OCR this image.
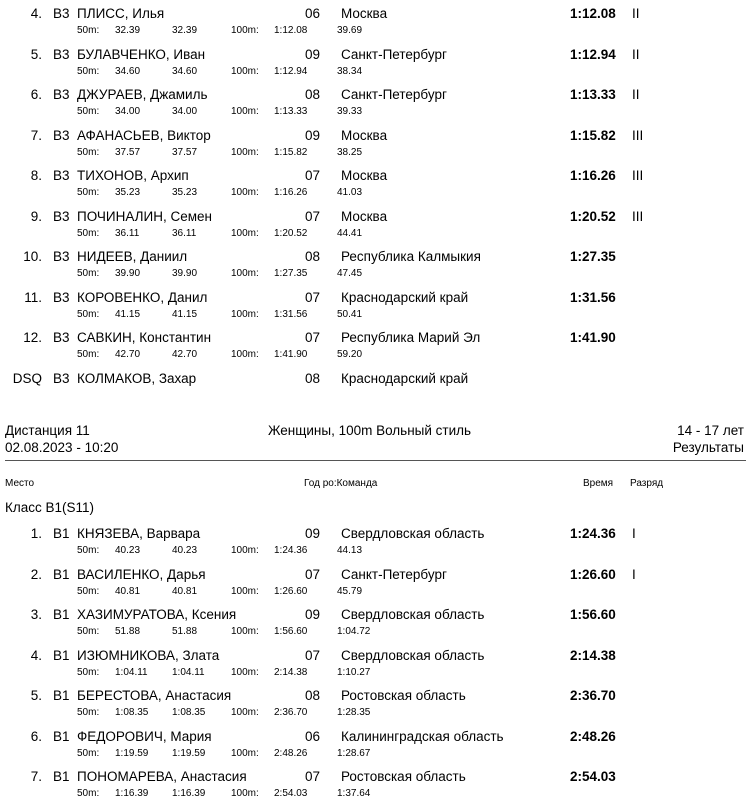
4. B3 ПЛИСС, Илья	06 Москва	1:12.08 II
50m: 32.39	32.39	100m: 1:12.08	39.69
5. B3 БУЛАВЧЕНКО, Иван	09 Санкт-Петербург	1:12.94 II
50m: 34.60	34.60	100m: 1:12.94	38.34
6. B3 ДЖУРАЕВ, Джамиль	08 Санкт-Петербург	1:13.33 II
50m: 34.00	34.00	100m: 1:13.33	39.33
7. B3 АФАНАСЬЕВ, Виктор	09 Москва	1:15.82 III
50m: 37.57	37.57	100m: 1:15.82	38.25
8. B3 ТИХОНОВ, Архип	07 Москва	1:16.26 III
50m: 35.23	35.23	100m: 1:16.26	41.03
9. B3 ПОЧИНАЛИН, Семен	07 Москва	1:20.52 III
50m: 36.11	36.11	100m: 1:20.52	44.41
10. B3 НИДЕЕВ, Даниил	08 Республика Калмыкия	1:27.35
50m: 39.90	39.90	100m: 1:27.35	47.45
11. B3 КОРОВЕНКО, Данил	07 Краснодарский край	1:31.56
50m: 41.15	41.15	100m: 1:31.56	50.41
12. B3 САВКИН, Константин	07 Республика Марий Эл	1:41.90
50m: 42.70	42.70	100m: 1:41.90	59.20
DSQ B3 КОЛМАКОВ, Захар	08 Краснодарский край
Дистанция 11
02.08.2023 - 10:20
Женщины, 100m Вольный стиль	14 - 17 лет
Результаты
Место	Год ро:Команда	Время Разряд
Класс B1(S11)
1. B1 КНЯЗЕВА, Варвара	09 Свердловская область	1:24.36 I
50m: 40.23	40.23	100m: 1:24.36	44.13
2. B1 ВАСИЛЕНКО, Дарья	07 Санкт-Петербург	1:26.60 I
50m: 40.81	40.81	100m: 1:26.60	45.79
3. B1 ХАЗИМУРАТОВА, Ксения	09 Свердловская область	1:56.60
50m: 51.88	51.88	100m: 1:56.60	1:04.72
4. B1 ИЗЮМНИКОВА, Злата	07 Свердловская область	2:14.38
50m: 1:04.11 1:04.11	100m: 2:14.38	1:10.27
5. B1 БЕРЕСТОВА, Анастасия	08 Ростовская область	2:36.70
50m: 1:08.35 1:08.35	100m: 2:36.70	1:28.35
6. B1 ФЕДОРОВИЧ, Мария	06 Калининградская область	2:48.26
50m: 1:19.59 1:19.59	100m: 2:48.26	1:28.67
7. B1 ПОНОМАРЕВА, Анастасия	07 Ростовская область	2:54.03
50m: 1:16.39 1:16.39	100m: 2:54.03	1:37.64
